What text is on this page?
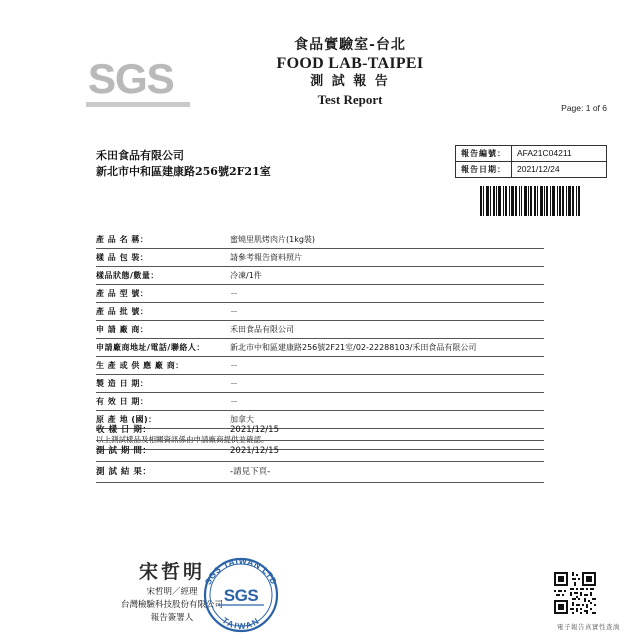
SGS
食品實驗室-台北
FOOD LAB-TAIPEI
測 試 報 告
Test Report
Page: 1 of 6
禾田食品有限公司
新北市中和區建康路256號2F21室
報告編號：	AFA21C04211
報告日期：	2021/12/24
產 品 名 稱：	蜜燒里肌烤肉片(1kg裝)
樣 品 包 裝：	請參考報告資料照片
樣品狀態/數量：	冷凍/1件
產 品 型 號：	－
產 品 批 號：	－
申 請 廠 商：	禾田食品有限公司
申請廠商地址/電話/聯絡人：	新北市中和區建康路256號2F21室/02-22288103/禾田食品有限公司
生 產 或 供 應 廠 商：	－
製 造 日 期：	－
有 效 日 期：	－
原 產 地 (國)：	加拿大
以上測試樣品及相關資訊係由申請廠商提供並確認。	
收 樣 日 期：	2021/12/15
測 試 期 間：	2021/12/15
測 試 結 果：	-請見下頁-
宋哲明
宋哲明／經理
台灣檢驗科技股份有限公司
報告簽署人
SGS TAIWAN LTD
TAIWAN
SGS
電子報告真實性查詢
